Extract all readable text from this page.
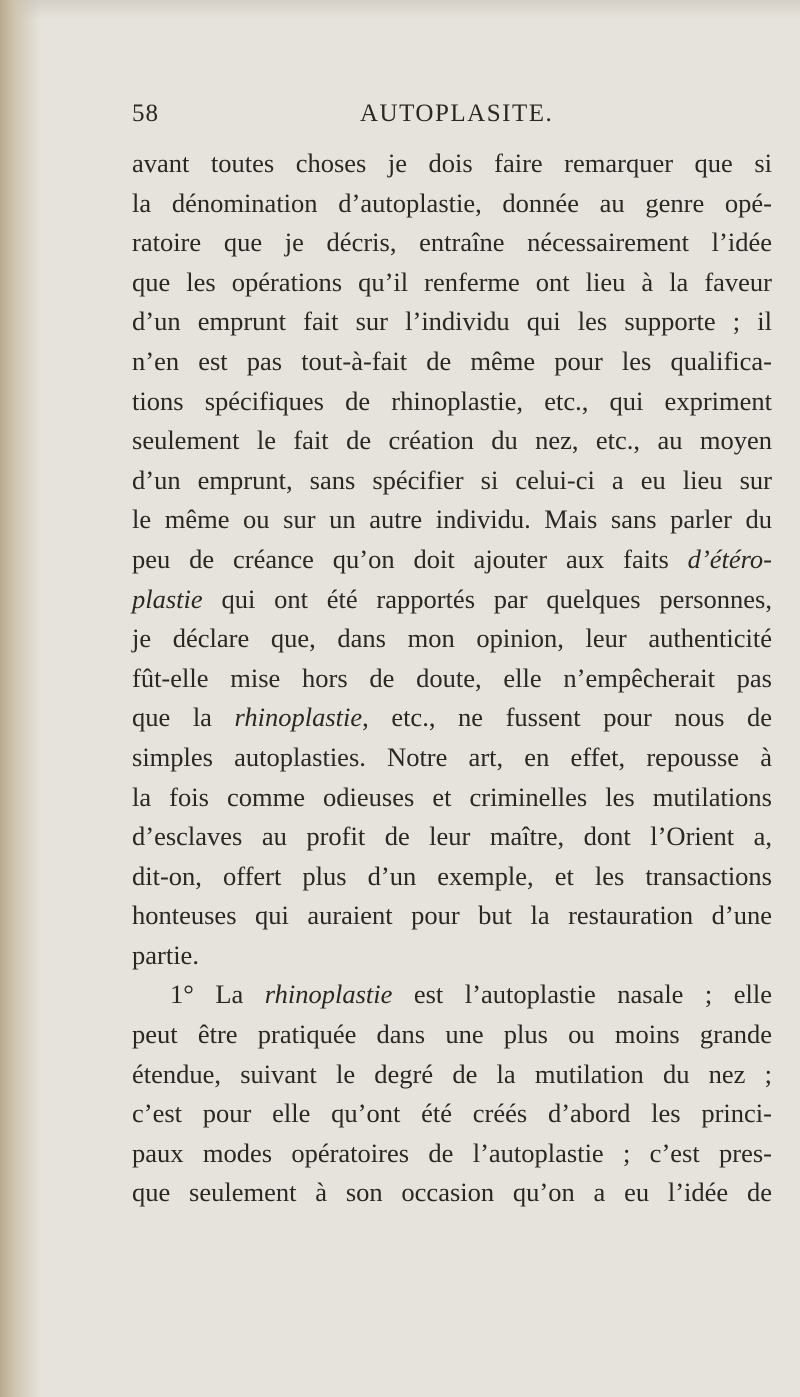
58	AUTOPLASITE.
avant toutes choses je dois faire remarquer que si
la dénomination d’autoplastie, donnée au genre opé-
ratoire que je décris, entraîne nécessairement l’idée
que les opérations qu’il renferme ont lieu à la faveur
d’un emprunt fait sur l’individu qui les supporte ; il
n’en est pas tout-à-fait de même pour les qualifica-
tions spécifiques de rhinoplastie, etc., qui expriment
seulement le fait de création du nez, etc., au moyen
d’un emprunt, sans spécifier si celui-ci a eu lieu sur
le même ou sur un autre individu. Mais sans parler du
peu de créance qu’on doit ajouter aux faits d’étéro-
plastie qui ont été rapportés par quelques personnes,
je déclare que, dans mon opinion, leur authenticité
fût-elle mise hors de doute, elle n’empêcherait pas
que la rhinoplastie, etc., ne fussent pour nous de
simples autoplasties. Notre art, en effet, repousse à
la fois comme odieuses et criminelles les mutilations
d’esclaves au profit de leur maître, dont l’Orient a,
dit-on, offert plus d’un exemple, et les transactions
honteuses qui auraient pour but la restauration d’une
partie.
1° La rhinoplastie est l’autoplastie nasale ; elle
peut être pratiquée dans une plus ou moins grande
étendue, suivant le degré de la mutilation du nez ;
c’est pour elle qu’ont été créés d’abord les princi-
paux modes opératoires de l’autoplastie ; c’est pres-
que seulement à son occasion qu’on a eu l’idée de
